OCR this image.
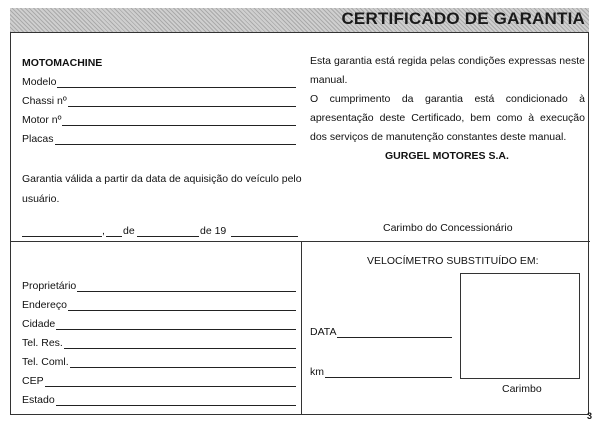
CERTIFICADO DE GARANTIA
MOTOMACHINE
Modelo
Chassi nº
Motor nº
Placas
Garantia válida a partir da data de aquisição do veículo pelo usuário.
, de	de 19
Esta garantia está regida pelas condições expressas neste manual.
O cumprimento da garantia está condicionado à apresentação deste Certificado, bem como à execução dos serviços de manutenção constantes deste manual.
GURGEL MOTORES S.A.
Carimbo do Concessionário
Proprietário
Endereço
Cidade
Tel. Res.
Tel. Coml.
CEP
Estado
VELOCÍMETRO SUBSTITUÍDO EM:
DATA
km
Carimbo
3
